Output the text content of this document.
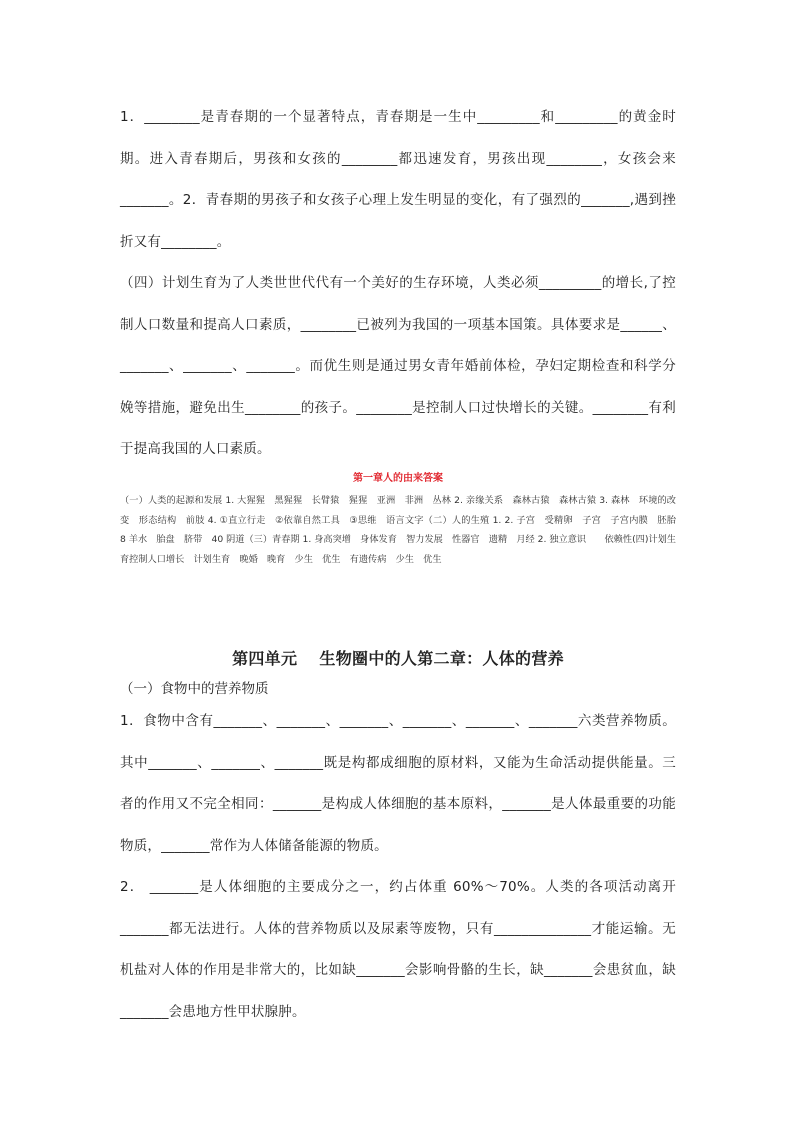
1．________是青春期的一个显著特点，青春期是一生中_________和_________的黄金时期。进入青春期后，男孩和女孩的________都迅速发育，男孩出现________，女孩会来_______。2．青春期的男孩子和女孩子心理上发生明显的变化，有了强烈的_______,遇到挫折又有________。

（四）计划生育为了人类世世代代有一个美好的生存环境，人类必须_________的增长,了控制人口数量和提高人口素质，________已被列为我国的一项基本国策。具体要求是______、_______、_______、_______。而优生则是通过男女青年婚前体检，孕妇定期检查和科学分娩等措施，避免出生________的孩子。________是控制人口过快增长的关键。________有利于提高我国的人口素质。

第一章人的由来答案

（一）人类的起源和发展 1. 大猩猩　黑猩猩　长臂猿　猩猩　亚洲　非洲　丛林 2. 亲缘关系　森林古猿　森林古猿 3. 森林　环境的改变　形态结构　前肢 4. ①直立行走　②依靠自然工具　③思维　语言文字（二）人的生殖 1. 2. 子宫　受精卵　子宫　子宫内膜　胚胎　8 羊水　胎盘　脐带　40 阴道（三）青春期 1. 身高突增　身体发育　智力发展　性器官　遗精　月经 2. 独立意识　　依赖性(四)计划生育控制人口增长　计划生育　晚婚　晚育　少生　优生　有遗传病　少生　优生

第四单元　 生物圈中的人第二章：人体的营养

（一）食物中的营养物质

1．食物中含有_______、_______、_______、_______、_______、_______六类营养物质。其中_______、_______、_______既是构都成细胞的原材料，又能为生命活动提供能量。三者的作用又不完全相同：_______是构成人体细胞的基本原料，_______是人体最重要的功能物质，_______常作为人体储备能源的物质。

2． _______是人体细胞的主要成分之一，约占体重 60%～70%。人类的各项活动离开_______都无法进行。人体的营养物质以及尿素等废物，只有______________才能运输。无机盐对人体的作用是非常大的，比如缺_______会影响骨骼的生长，缺_______会患贫血，缺_______会患地方性甲状腺肿。
